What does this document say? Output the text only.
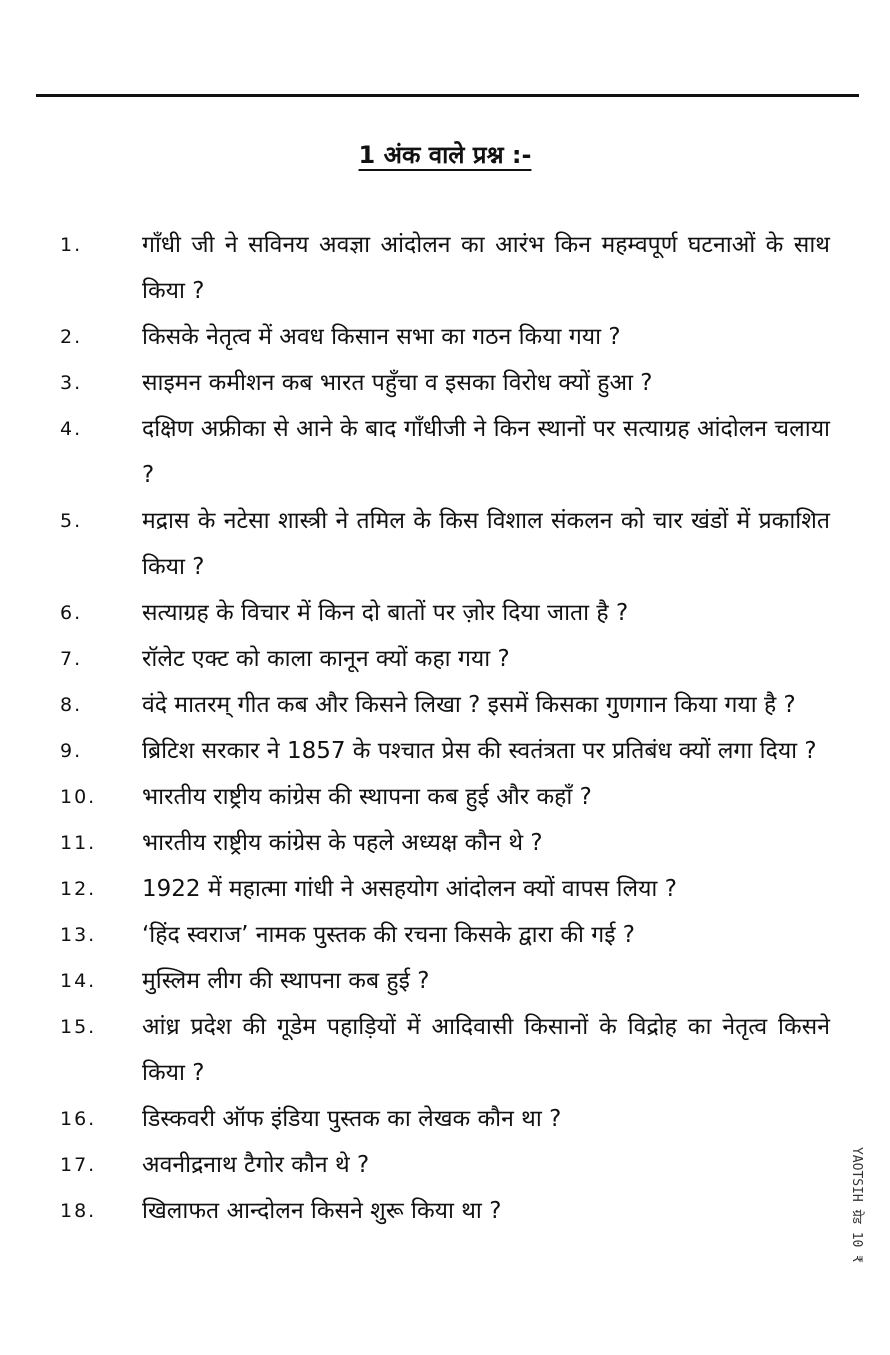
1 अंक वाले प्रश्न :-
1.	गाँधी जी ने सविनय अवज्ञा आंदोलन का आरंभ किन महम्वपूर्ण घटनाओं के साथ किया ?
2.	किसके नेतृत्व में अवध किसान सभा का गठन किया गया ?
3.	साइमन कमीशन कब भारत पहुँचा व इसका विरोध क्यों हुआ ?
4.	दक्षिण अफ्रीका से आने के बाद गाँधीजी ने किन स्थानों पर सत्याग्रह आंदोलन चलाया ?
5.	मद्रास के नटेसा शास्त्री ने तमिल के किस विशाल संकलन को चार खंडों में प्रकाशित किया ?
6.	सत्याग्रह के विचार में किन दो बातों पर ज़ोर दिया जाता है ?
7.	रॉलेट एक्ट को काला कानून क्यों कहा गया ?
8.	वंदे मातरम् गीत कब और किसने लिखा ? इसमें किसका गुणगान किया गया है ?
9.	ब्रिटिश सरकार ने 1857 के पश्चात प्रेस की स्वतंत्रता पर प्रतिबंध क्यों लगा दिया ?
10. भारतीय राष्ट्रीय कांग्रेस की स्थापना कब हुई और कहाँ ?
11. भारतीय राष्ट्रीय कांग्रेस के पहले अध्यक्ष कौन थे ?
12. 1922 में महात्मा गांधी ने असहयोग आंदोलन क्यों वापस लिया ?
13. ‘हिंद स्वराज’ नामक पुस्तक की रचना किसके द्वारा की गई ?
14. मुस्लिम लीग की स्थापना कब हुई ?
15. आंध्र प्रदेश की गूडेम पहाड़ियों में आदिवासी किसानों के विद्रोह का नेतृत्व किसने किया ?
16. डिस्कवरी ऑफ इंडिया पुस्तक का लेखक कौन था ?
17. अवनीद्रनाथ टैगोर कौन थे ?
18. खिलाफत आन्दोलन किसने शुरू किया था ?	YAOTSIH ग्रेड 10 ₹
